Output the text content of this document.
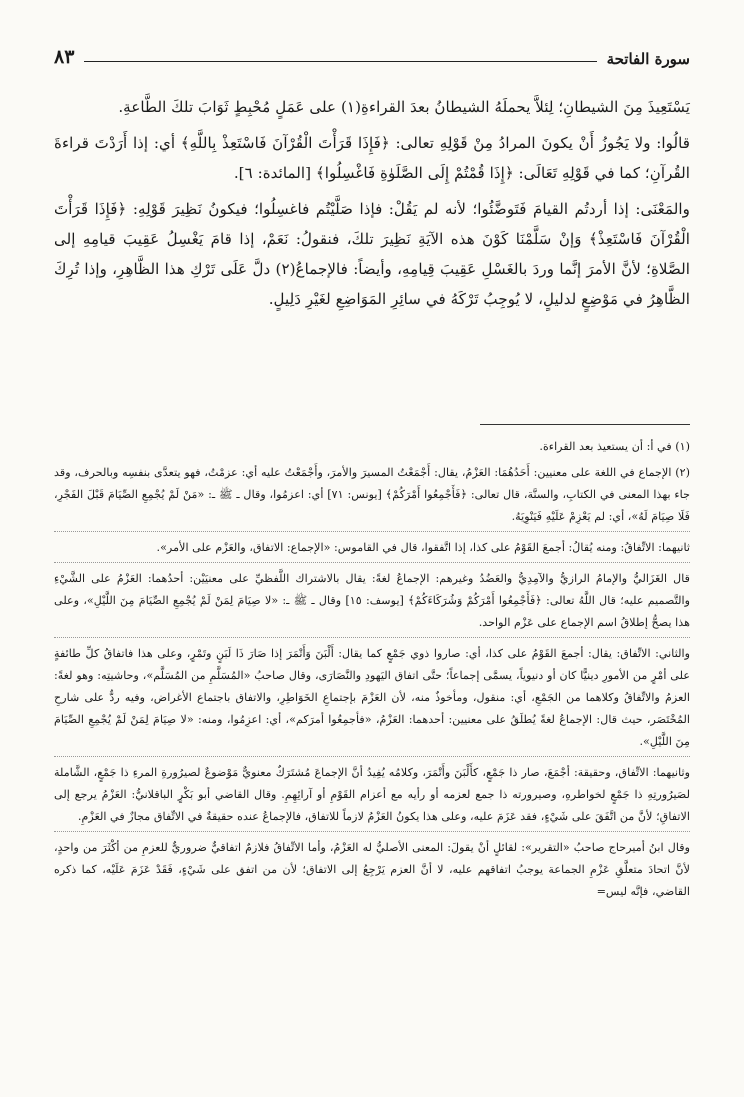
سورة الفاتحة
٨٣

يَسْتَعِيذَ مِنَ الشيطانِ؛ لِئلاَّ يحملَهُ الشيطانُ بعدَ القراءةِ(١) على عَمَلٍ مُحْبِطٍ ثَوَابَ تلكَ الطَّاعةِ.

قالُوا: ولا يَجُوزُ أَنْ يكونَ المرادُ مِنْ قَوْلِهِ تعالى: ﴿فَإِذَا قَرَأْتَ الْقُرْآنَ فَاسْتَعِذْ بِاللَّهِ﴾ أي: إذا أَرَدْتَ قراءةَ القُرآنِ؛ كما في قَوْلِهِ تَعَالَى: ﴿إِذَا قُمْتُمْ إِلَى الصَّلَوٰةِ فَاغْسِلُوا﴾ [المائدة: ٦].

والمَعْنَى: إذا أردتُم القيامَ فَتَوضَّئُوا؛ لأنه لم يَقُلْ: فإذا صَلَّيْتُم فاغسِلُوا؛ فيكونُ نَظِيرَ قَوْلِهِ: ﴿فَإِذَا قَرَأْتَ الْقُرْآنَ فَاسْتَعِذْ﴾ وَإنْ سَلَّمْنَا كَوْنَ هذه الآيَةِ نَظِيرَ تلكَ، فنقولُ: نَعَمْ، إذا قامَ يَغْسِلُ عَقِيبَ قيامِهِ إلى الصَّلاةِ؛ لأنَّ الأمرَ إنَّما وردَ بالغَسْلِ عَقِيبَ قِيامِهِ، وأيضاً: فالإجماعُ(٢) دلَّ عَلَى تَرْكِ هذا الظَّاهِرِ، وإذا تُرِكَ الظَّاهِرُ في مَوْضِعٍ لدليلٍ، لا يُوجِبُ تَرْكَهُ في سائِرِ المَوَاضِعِ لغَيْرِ دَلِيلٍ.

(١) في أ: أن يستعيذ بعد القراءة.
(٢) الإجماع في اللغة على معنيين: أَحَدُهُمَا: العَزْمُ، يقال: أَجْمَعْتُ المسيرَ والأمرَ، وأَجْمَعْتُ عليه أي: عزمْتُ، فهو يتعدَّى بنفسِه وبالحرف، وقد جاء بهذا المعنى في الكتابِ، والسنَّة، قال تعالى: ﴿فَأَجْمِعُوا أَمْرَكُمْ﴾ [يونس: ٧١] أي: اعزمُوا، وقال ـ ﷺ ـ: «مَنْ لَمْ يُجْمِعِ الصِّيَامَ قَبْلَ الفَجْرِ، فَلَا صِيَامَ لَهُ»، أي: لم يَعْزِمْ عَلَيْهِ فَيَنْوِيَهُ.
ثانيهما: الاتِّفاقُ: ومنه يُقالُ: أجمعَ القَوْمُ على كذا، إذا اتَّفقوا، قال في القاموس: «الإجماع: الاتفاق، والعَزْم على الأمر».
قال الغَزَاليُّ والإمامُ الرازيُّ والآمِدِيُّ والعَضُدُ وغيرهم: الإجماعُ لغةً: يقال بالاشتراك اللَّفظيِّ على معنيَيْن: أحدُهما: العَزْمُ على الشَّيْءِ والتَّصميم عليه؛ قال اللَّهُ تعالى: ﴿فَأَجْمِعُوا أَمْرَكُمْ وَشُرَكَاءَكُمْ﴾ [يوسف: ١٥] وقال ـ ﷺ ـ: «لا صِيَامَ لِمَنْ لَمْ يُجْمِعِ الصِّيَامَ مِنَ اللَّيْلِ»، وعلى هذا يصحُّ إطلاقُ اسم الإجماع على عَزْم الواحد.
والثاني: الاتِّفاق: يقال: أجمعَ القَوْمُ على كذا، أي: صاروا ذوي جَمْعٍ كما يقال: أَلْبَنَ وَأَتْمَرَ إذا صَارَ ذَا لَبَنٍ وتَمْرٍ، وعلى هذا فاتفاقُ كلِّ طائفةٍ على أمْرٍ من الأمورِ دينيًّا كان أو دنيوياً، يسمَّى إجماعاً؛ حتَّى اتفاق اليَهودِ والنَّصَارَى، وقال صاحبُ «المُسَلَّمِ من المُسَلَّم»، وحاشيتِه: وهو لغةً: العزمُ والاتِّفاقُ وكلاهما من الجَمْعِ، أي: منقول، ومأخوذٌ منه، لأن العَزْمَ بإجتماعِ الخَوَاطِرِ، والاتفاق باجتماع الأغراض، وفيه ردٌّ على شارحِ المُخْتَصَر، حيث قال: الإجماعُ لغةً يُطلَقُ على معنيين: أحدهما: العَزْمُ، «فأجمِعُوا أمرَكم»، أي: اعزِمُوا، ومنه: «لا صِيَامَ لِمَنْ لَمْ يُجْمِعِ الصِّيَامَ مِنَ اللَّيْلِ».
وثانيهما: الاتِّفاق، وحقيقة: أجْمَعَ، صار ذا جَمْعٍ، كأَلْبَنَ وأَتْمَرَ، وكلامُه يُفِيدُ أنَّ الإجماعَ مُشتَرَكٌ معنويٌّ مَوْضوعٌ لصيرُورةِ المرءِ ذا جَمْعٍ، الشَّاملة لصَيرُورتِهِ ذا جَمْعٍ لخواطرهِ، وصيرورته ذا جمع لعزمه أو رأيه مع أعزام القَوْمِ أو آرائِهِمِ. وقال القاضي أبو بَكْرٍ الباقلانيُّ: العَزْمُ يرجع إلى الاتفاقِ؛ لأنَّ من اتَّفَقَ على شَيْءٍ، فقد عَزَمَ عليه، وعلى هذا يكونُ العَزْمُ لازماً للاتفاق، فالإجماعُ عنده حقيقةٌ في الاتِّفاق مجازٌ في العَزْمِ.
وقال ابنُ أميرحاج صاحبُ «التقرير»: لقائلٍ أنْ يقولَ: المعنى الأصليُّ له العَزْمُ، وأما الاتِّفاقُ فلازمٌ اتفاقيٌّ ضروريٌّ للعزمِ من أكْثَرَ من واحدٍ، لأنَّ اتحادَ متعلَّقِ عَزْمِ الجماعة يوجبُ اتفاقهم عليه، لا أنَّ العزم يَرْجِعُ إلى الاتفاق؛ لأن من اتفق على شَيْءٍ، فَقَدْ عَزَمَ عَلَيْه، كما ذكره القاضي، فإنَّه ليس=
